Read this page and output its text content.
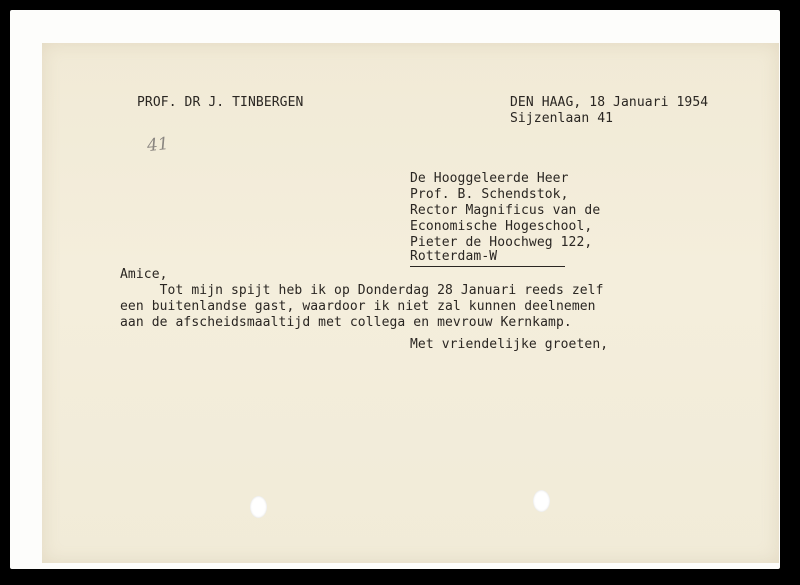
PROF. DR J. TINBERGEN	DEN HAAG, 18 Januari 1954
Sijzenlaan 41
41
De Hooggeleerde Heer
Prof. B. Schendstok,
Rector Magnificus van de
Economische Hogeschool,
Pieter de Hoochweg 122,
Rotterdam-W
Amice,
Tot mijn spijt heb ik op Donderdag 28 Januari reeds zelf
een buitenlandse gast, waardoor ik niet zal kunnen deelnemen
aan de afscheidsmaaltijd met collega en mevrouw Kernkamp.
Met vriendelijke groeten,
